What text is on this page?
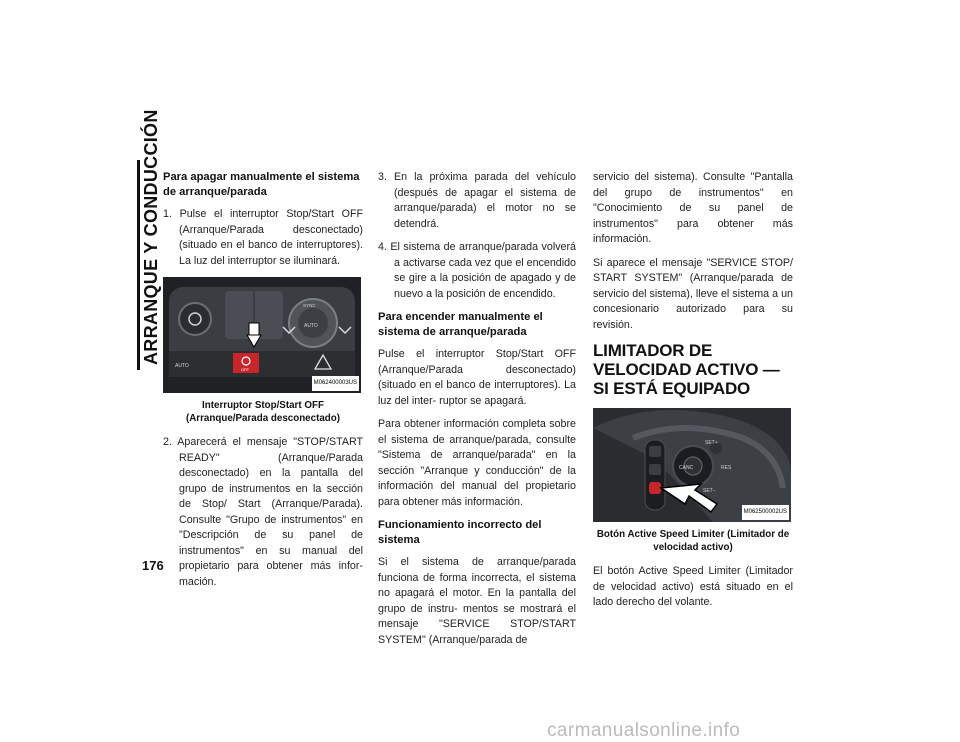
ARRANQUE Y CONDUCCIÓN
176
Para apagar manualmente el sistema de arranque/parada
1. Pulse el interruptor Stop/Start OFF (Arranque/Parada desconectado) (situado en el banco de interruptores). La luz del interruptor se iluminará.
AUTO
OFF
SYNC
AUTO
M062400003US
Interruptor Stop/Start OFF (Arranque/Parada desconectado)
2. Aparecerá el mensaje "STOP/START READY" (Arranque/Parada desconectado) en la pantalla del grupo de instrumentos en la sección de Stop/ Start (Arranque/Parada). Consulte "Grupo de instrumentos" en "Descripción de su panel de instrumentos" en su manual del propietario para obtener más infor- mación.
3. En la próxima parada del vehículo (después de apagar el sistema de arranque/parada) el motor no se detendrá.
4. El sistema de arranque/parada volverá a activarse cada vez que el encendido se gire a la posición de apagado y de nuevo a la posición de encendido.
Para encender manualmente el sistema de arranque/parada

Pulse el interruptor Stop/Start OFF (Arranque/Parada desconectado) (situado en el banco de interruptores). La luz del inter- ruptor se apagará.

Para obtener información completa sobre el sistema de arranque/parada, consulte "Sistema de arranque/parada" en la sección "Arranque y conducción" de la información del manual del propietario para obtener más información.

Funcionamiento incorrecto del sistema

Si el sistema de arranque/parada funciona de forma incorrecta, el sistema no apagará el motor. En la pantalla del grupo de instru- mentos se mostrará el mensaje "SERVICE STOP/START SYSTEM" (Arranque/parada de

servicio del sistema). Consulte "Pantalla del grupo de instrumentos" en "Conocimiento de su panel de instrumentos" para obtener más información.

Si aparece el mensaje "SERVICE STOP/ START SYSTEM" (Arranque/parada de servicio del sistema), lleve el sistema a un concesionario autorizado para su revisión.

LIMITADOR DE VELOCIDAD ACTIVO — SI ESTÁ EQUIPADO
SET+
CANC	RES
SET−
M062500002US
Botón Active Speed Limiter (Limitador de velocidad activo)

El botón Active Speed Limiter (Limitador de velocidad activo) está situado en el lado derecho del volante.

carmanualsonline.info
